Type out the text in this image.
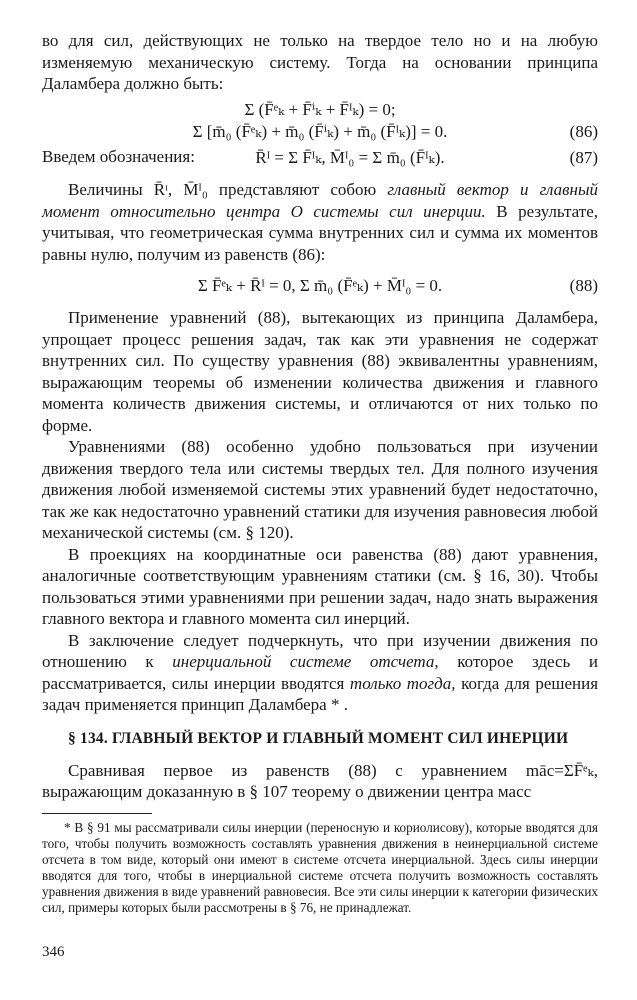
во для сил, действующих не только на твердое тело но и на любую изменяемую механическую систему. Тогда на основании принципа Даламбера должно быть:

Σ (F̄ᵉₖ + F̄ⁱₖ + F̄ᴵₖ) = 0;
Σ [m̄₀ (F̄ᵉₖ) + m̄₀ (F̄ⁱₖ) + m̄₀ (F̄ᴵₖ)] = 0.	(86)

Введем обозначения:	R̄ᴵ = Σ F̄ᴵₖ, M̄ᴵ₀ = Σ m̄₀ (F̄ᴵₖ).	(87)

Величины R̄ᶦ, M̄ᴵ₀ представляют собою главный вектор и главный момент относительно центра O системы сил инерции. В результате, учитывая, что геометрическая сумма внутренних сил и сумма их моментов равны нулю, получим из равенств (86):

Σ F̄ᵉₖ + R̄ᴵ = 0, Σ m̄₀ (F̄ᵉₖ) + M̄ᴵ₀ = 0.	(88)

Применение уравнений (88), вытекающих из принципа Даламбера, упрощает процесс решения задач, так как эти уравнения не содержат внутренних сил. По существу уравнения (88) эквивалентны уравнениям, выражающим теоремы об изменении количества движения и главного момента количеств движения системы, и отличаются от них только по форме.

Уравнениями (88) особенно удобно пользоваться при изучении движения твердого тела или системы твердых тел. Для полного изучения движения любой изменяемой системы этих уравнений будет недостаточно, так же как недостаточно уравнений статики для изучения равновесия любой механической системы (см. § 120).

В проекциях на координатные оси равенства (88) дают уравнения, аналогичные соответствующим уравнениям статики (см. § 16, 30). Чтобы пользоваться этими уравнениями при решении задач, надо знать выражения главного вектора и главного момента сил инерций.

В заключение следует подчеркнуть, что при изучении движения по отношению к инерциальной системе отсчета, которое здесь и рассматривается, силы инерции вводятся только тогда, когда для решения задач применяется принцип Даламбера * .

§ 134. ГЛАВНЫЙ ВЕКТОР И ГЛАВНЫЙ МОМЕНТ СИЛ ИНЕРЦИИ

Сравнивая первое из равенств (88) с уравнением māc=ΣF̄ᵉₖ, выражающим доказанную в § 107 теорему о движении центра масс

* В § 91 мы рассматривали силы инерции (переносную и кориолисову), которые вводятся для того, чтобы получить возможность составлять уравнения движения в неинерциальной системе отсчета в том виде, который они имеют в системе отсчета инерциальной. Здесь силы инерции вводятся для того, чтобы в инерциальной системе отсчета получить возможность составлять уравнения движения в виде уравнений равновесия. Все эти силы инерции к категории физических сил, примеры которых были рассмотрены в § 76, не принадлежат.

346
